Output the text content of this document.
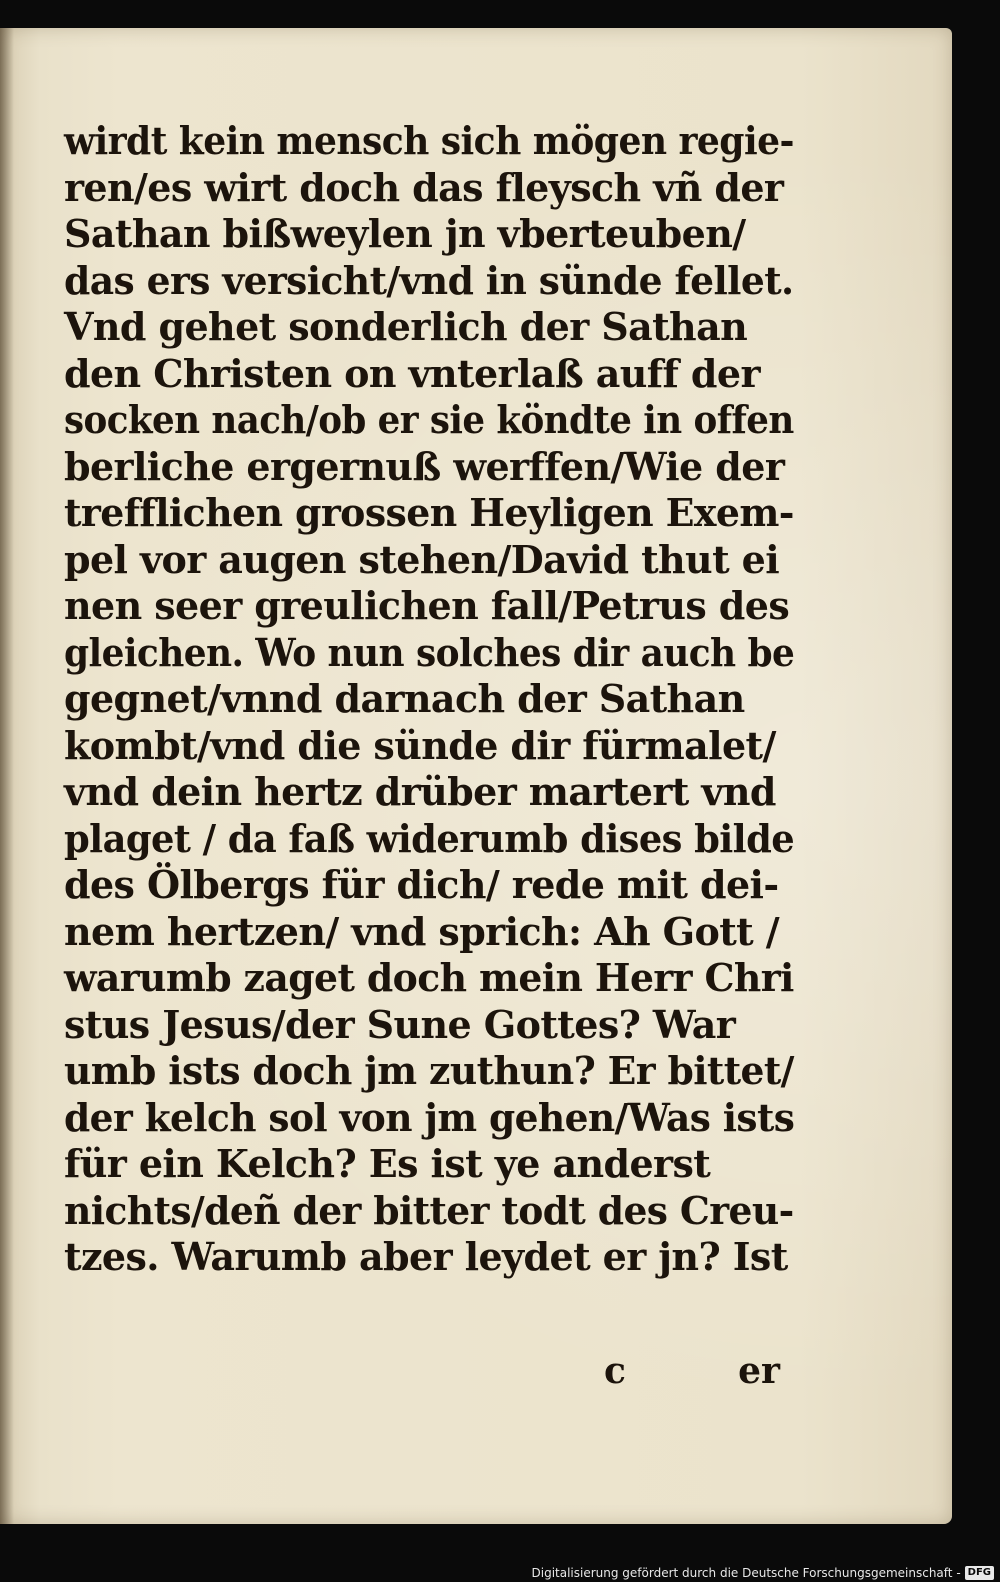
wirdt kein mensch sich mögen regie-
ren/es wirt doch das fleysch vñ der
Sathan bißweylen jn vberteuben/
das ers versicht/vnd in sünde fellet.
Vnd gehet sonderlich der Sathan
den Christen on vnterlaß auff der
socken nach/ob er sie köndte in offen
berliche ergernuß werffen/Wie der
trefflichen grossen Heyligen Exem-
pel vor augen stehen/David thut ei
nen seer greulichen fall/Petrus des
gleichen. Wo nun solches dir auch be
gegnet/vnnd darnach der Sathan
kombt/vnd die sünde dir fürmalet/
vnd dein hertz drüber martert vnd
plaget / da faß widerumb dises bilde
des Ölbergs für dich/ rede mit dei-
nem hertzen/ vnd sprich: Ah Gott /
warumb zaget doch mein Herr Chri
stus Jesus/der Sune Gottes? War
umb ists doch jm zuthun? Er bittet/
der kelch sol von jm gehen/Was ists
für ein Kelch? Es ist ye anderst
nichts/deñ der bitter todt des Creu-
tzes. Warumb aber leydet er jn? Ist
c	er
Digitalisierung gefördert durch die Deutsche Forschungsgemeinschaft - DFG
